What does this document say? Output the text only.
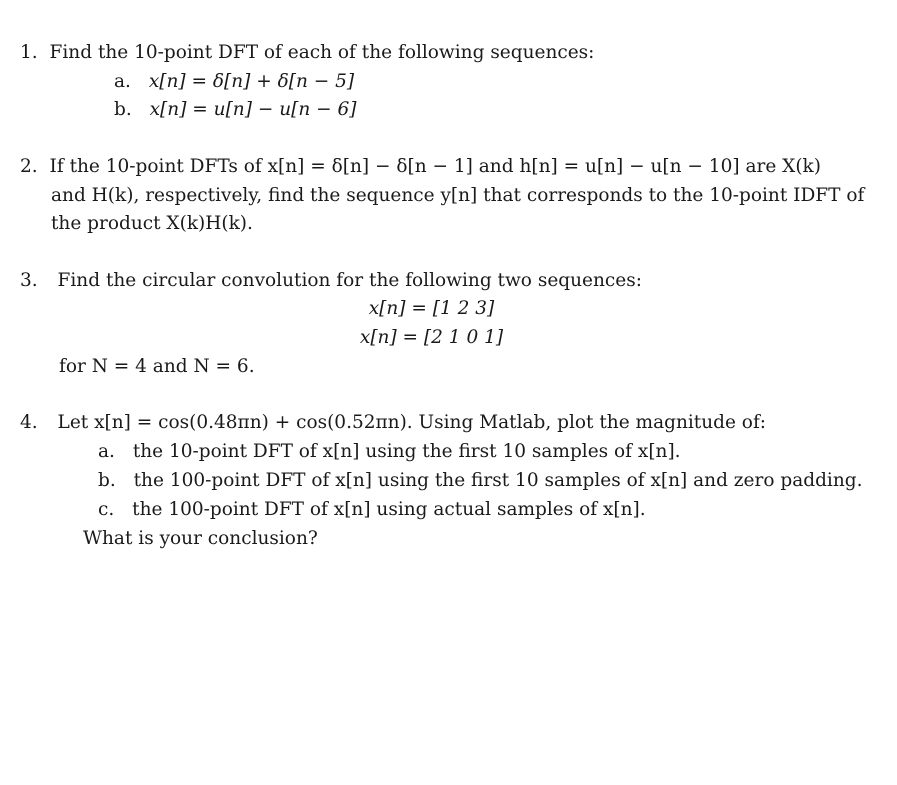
1. Find the 10-point DFT of each of the following sequences:
a. x[n] = δ[n] + δ[n − 5]
b. x[n] = u[n] − u[n − 6]
2. If the 10-point DFTs of x[n] = δ[n] − δ[n − 1] and h[n] = u[n] − u[n − 10] are X(k)
and H(k), respectively, find the sequence y[n] that corresponds to the 10-point IDFT of
the product X(k)H(k).
3. Find the circular convolution for the following two sequences:
x[n] = [1 2 3]
x[n] = [2 1 0 1]
for N = 4 and N = 6.
4. Let x[n] = cos(0.48πn) + cos(0.52πn). Using Matlab, plot the magnitude of:
a. the 10-point DFT of x[n] using the first 10 samples of x[n].
b. the 100-point DFT of x[n] using the first 10 samples of x[n] and zero padding.
c. the 100-point DFT of x[n] using actual samples of x[n].
What is your conclusion?
